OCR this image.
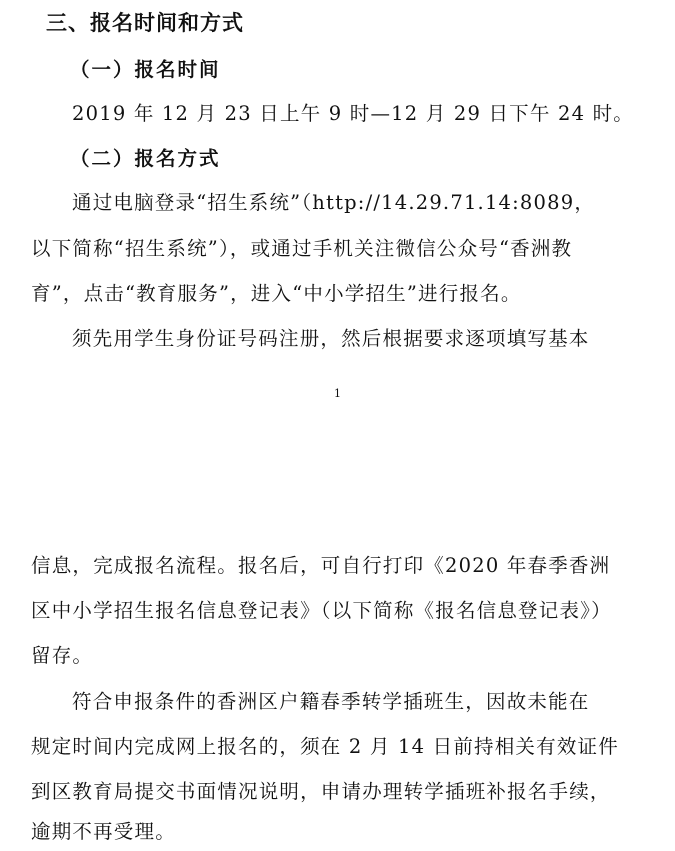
三、报名时间和方式
（一）报名时间
2019 年 12 月 23 日上午 9 时—12 月 29 日下午 24 时。
（二）报名方式
通过电脑登录“招生系统”（http://14.29.71.14:8089，
以下简称“招生系统”），或通过手机关注微信公众号“香洲教
育”，点击“教育服务”，进入“中小学招生”进行报名。
须先用学生身份证号码注册，然后根据要求逐项填写基本
1
信息，完成报名流程。报名后，可自行打印《2020 年春季香洲
区中小学招生报名信息登记表》（以下简称《报名信息登记表》）
留存。
符合申报条件的香洲区户籍春季转学插班生，因故未能在
规定时间内完成网上报名的，须在 2 月 14 日前持相关有效证件
到区教育局提交书面情况说明，申请办理转学插班补报名手续，
逾期不再受理。
